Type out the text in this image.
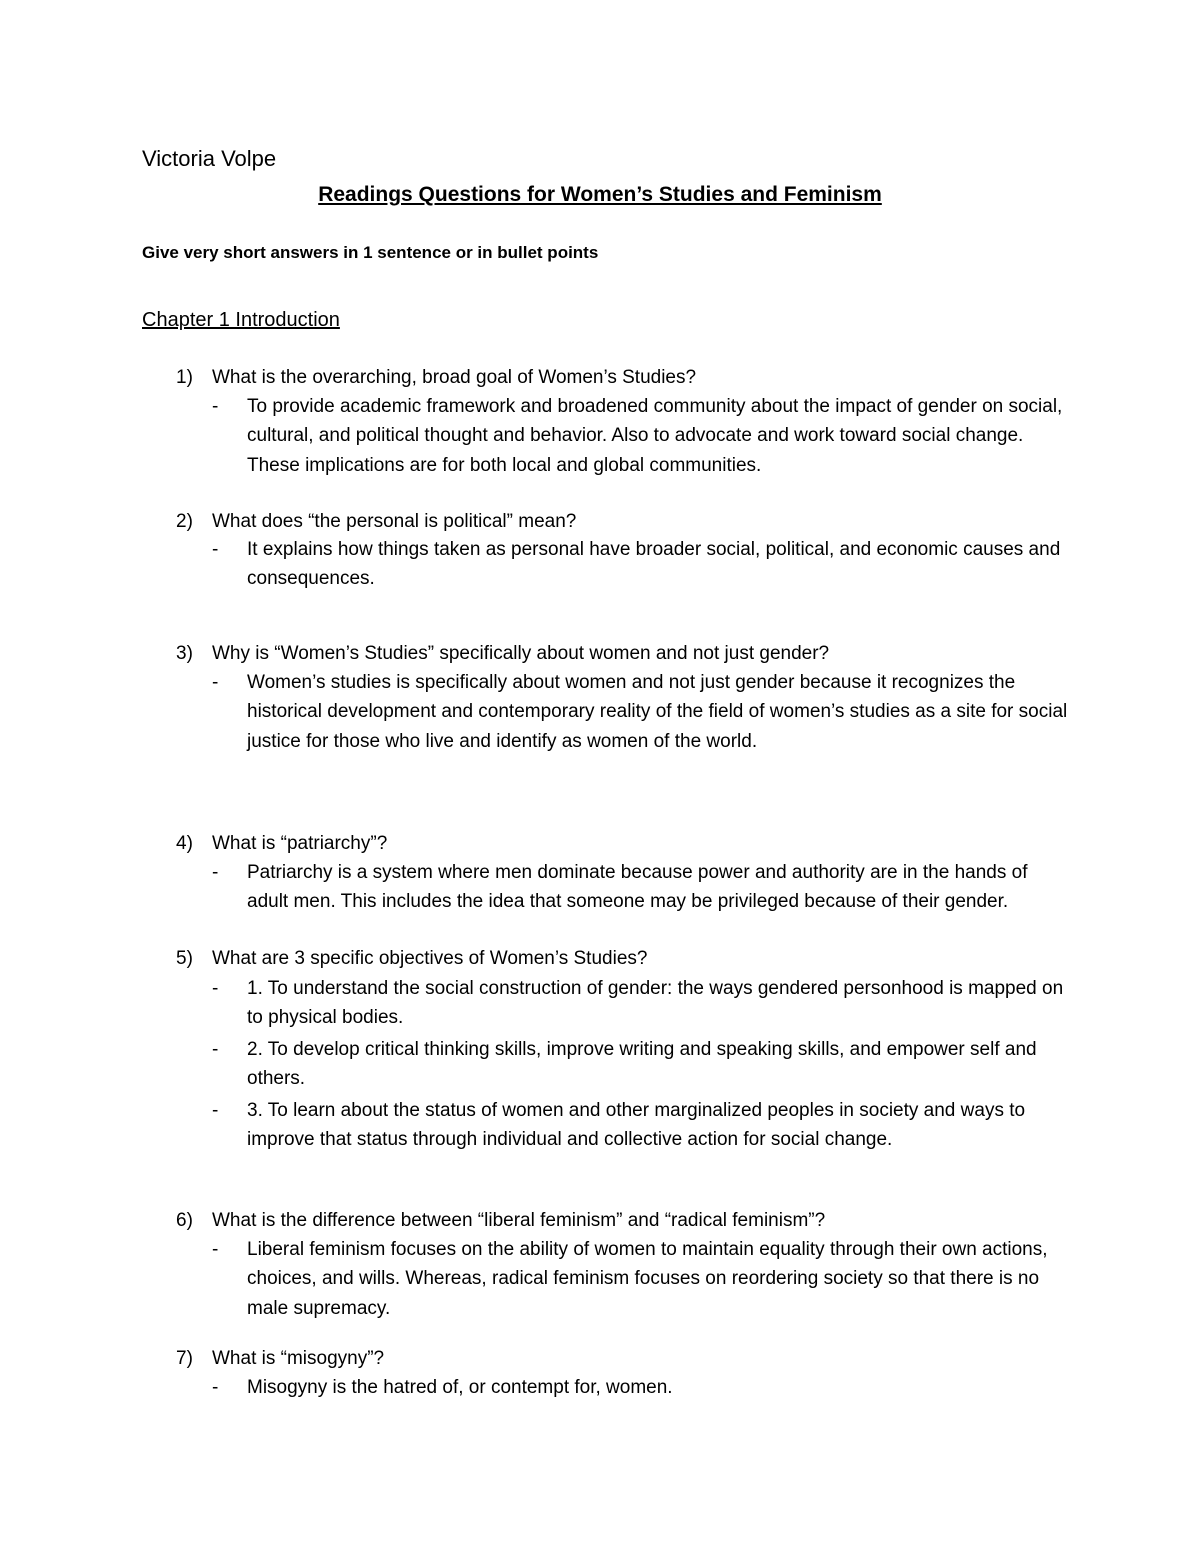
Victoria Volpe
Readings Questions for Women’s Studies and Feminism
Give very short answers in 1 sentence or in bullet points
Chapter 1 Introduction
1) What is the overarching, broad goal of Women’s Studies?
- To provide academic framework and broadened community about the impact of gender on social, cultural, and political thought and behavior. Also to advocate and work toward social change. These implications are for both local and global communities.
2) What does “the personal is political” mean?
- It explains how things taken as personal have broader social, political, and economic causes and consequences.
3) Why is “Women’s Studies” specifically about women and not just gender?
- Women’s studies is specifically about women and not just gender because it recognizes the historical development and contemporary reality of the field of women’s studies as a site for social justice for those who live and identify as women of the world.
4) What is “patriarchy”?
- Patriarchy is a system where men dominate because power and authority are in the hands of adult men. This includes the idea that someone may be privileged because of their gender.
5) What are 3 specific objectives of Women’s Studies?
- 1. To understand the social construction of gender: the ways gendered personhood is mapped on to physical bodies.
- 2. To develop critical thinking skills, improve writing and speaking skills, and empower self and others.
- 3. To learn about the status of women and other marginalized peoples in society and ways to improve that status through individual and collective action for social change.
6) What is the difference between “liberal feminism” and “radical feminism”?
- Liberal feminism focuses on the ability of women to maintain equality through their own actions, choices, and wills. Whereas, radical feminism focuses on reordering society so that there is no male supremacy.
7) What is “misogyny”?
- Misogyny is the hatred of, or contempt for, women.
